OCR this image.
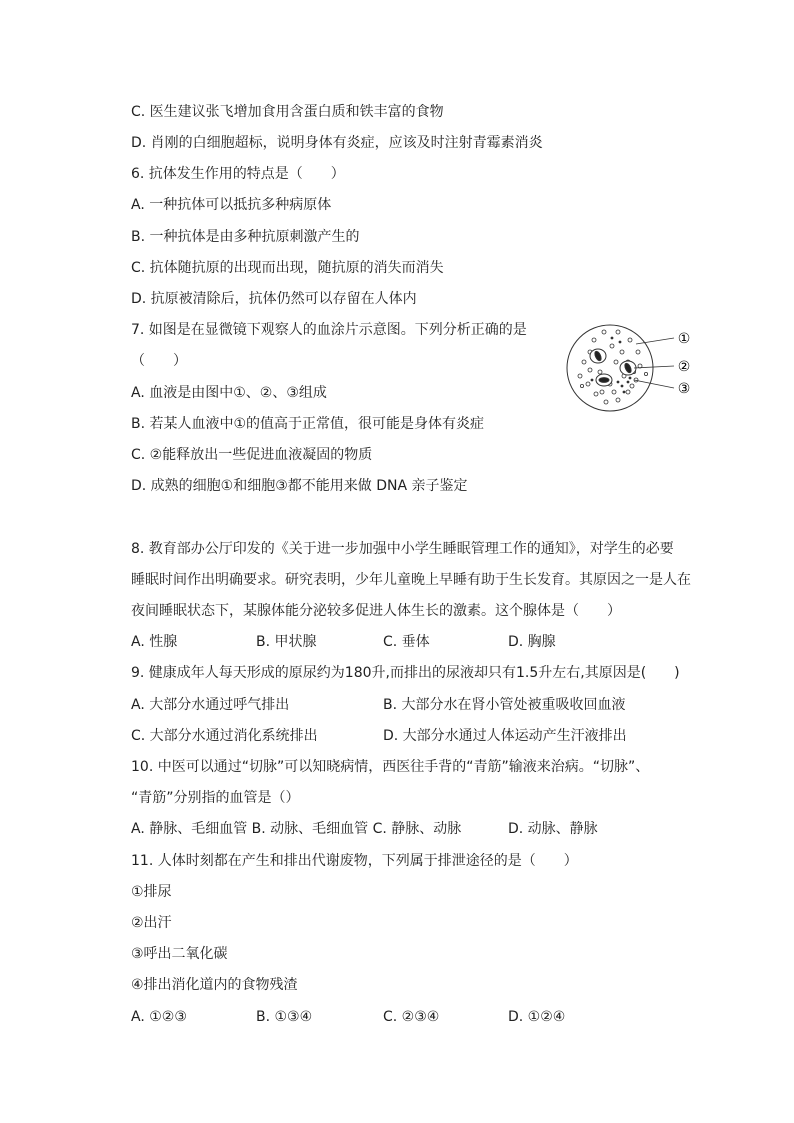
C. 医生建议张飞增加食用含蛋白质和铁丰富的食物
D. 肖刚的白细胞超标，说明身体有炎症，应该及时注射青霉素消炎
6. 抗体发生作用的特点是（　　）
A. 一种抗体可以抵抗多种病原体
B. 一种抗体是由多种抗原刺激产生的
C. 抗体随抗原的出现而出现，随抗原的消失而消失
D. 抗原被清除后，抗体仍然可以存留在人体内
7. 如图是在显微镜下观察人的血涂片示意图。下列分析正确的是
（　　）
A. 血液是由图中①、②、③组成
B. 若某人血液中①的值高于正常值，很可能是身体有炎症
C. ②能释放出一些促进血液凝固的物质
D. 成熟的细胞①和细胞③都不能用来做 DNA 亲子鉴定
①
②
③
8. 教育部办公厅印发的《关于进一步加强中小学生睡眠管理工作的通知》，对学生的必要
睡眠时间作出明确要求。研究表明，少年儿童晚上早睡有助于生长发育。其原因之一是人在
夜间睡眠状态下，某腺体能分泌较多促进人体生长的激素。这个腺体是（　　）
A. 性腺	B. 甲状腺	C. 垂体	D. 胸腺
9. 健康成年人每天形成的原尿约为180升,而排出的尿液却只有1.5升左右,其原因是(　　)
A. 大部分水通过呼气排出	B. 大部分水在肾小管处被重吸收回血液
C. 大部分水通过消化系统排出	D. 大部分水通过人体运动产生汗液排出
10. 中医可以通过“切脉”可以知晓病情，西医往手背的“青筋”输液来治病。“切脉”、
“青筋”分别指的血管是（）
A. 静脉、毛细血管 B. 动脉、毛细血管 C. 静脉、动脉	D. 动脉、静脉
11. 人体时刻都在产生和排出代谢废物，下列属于排泄途径的是（　　）
①排尿
②出汗
③呼出二氧化碳
④排出消化道内的食物残渣
A. ①②③	B. ①③④	C. ②③④	D. ①②④
